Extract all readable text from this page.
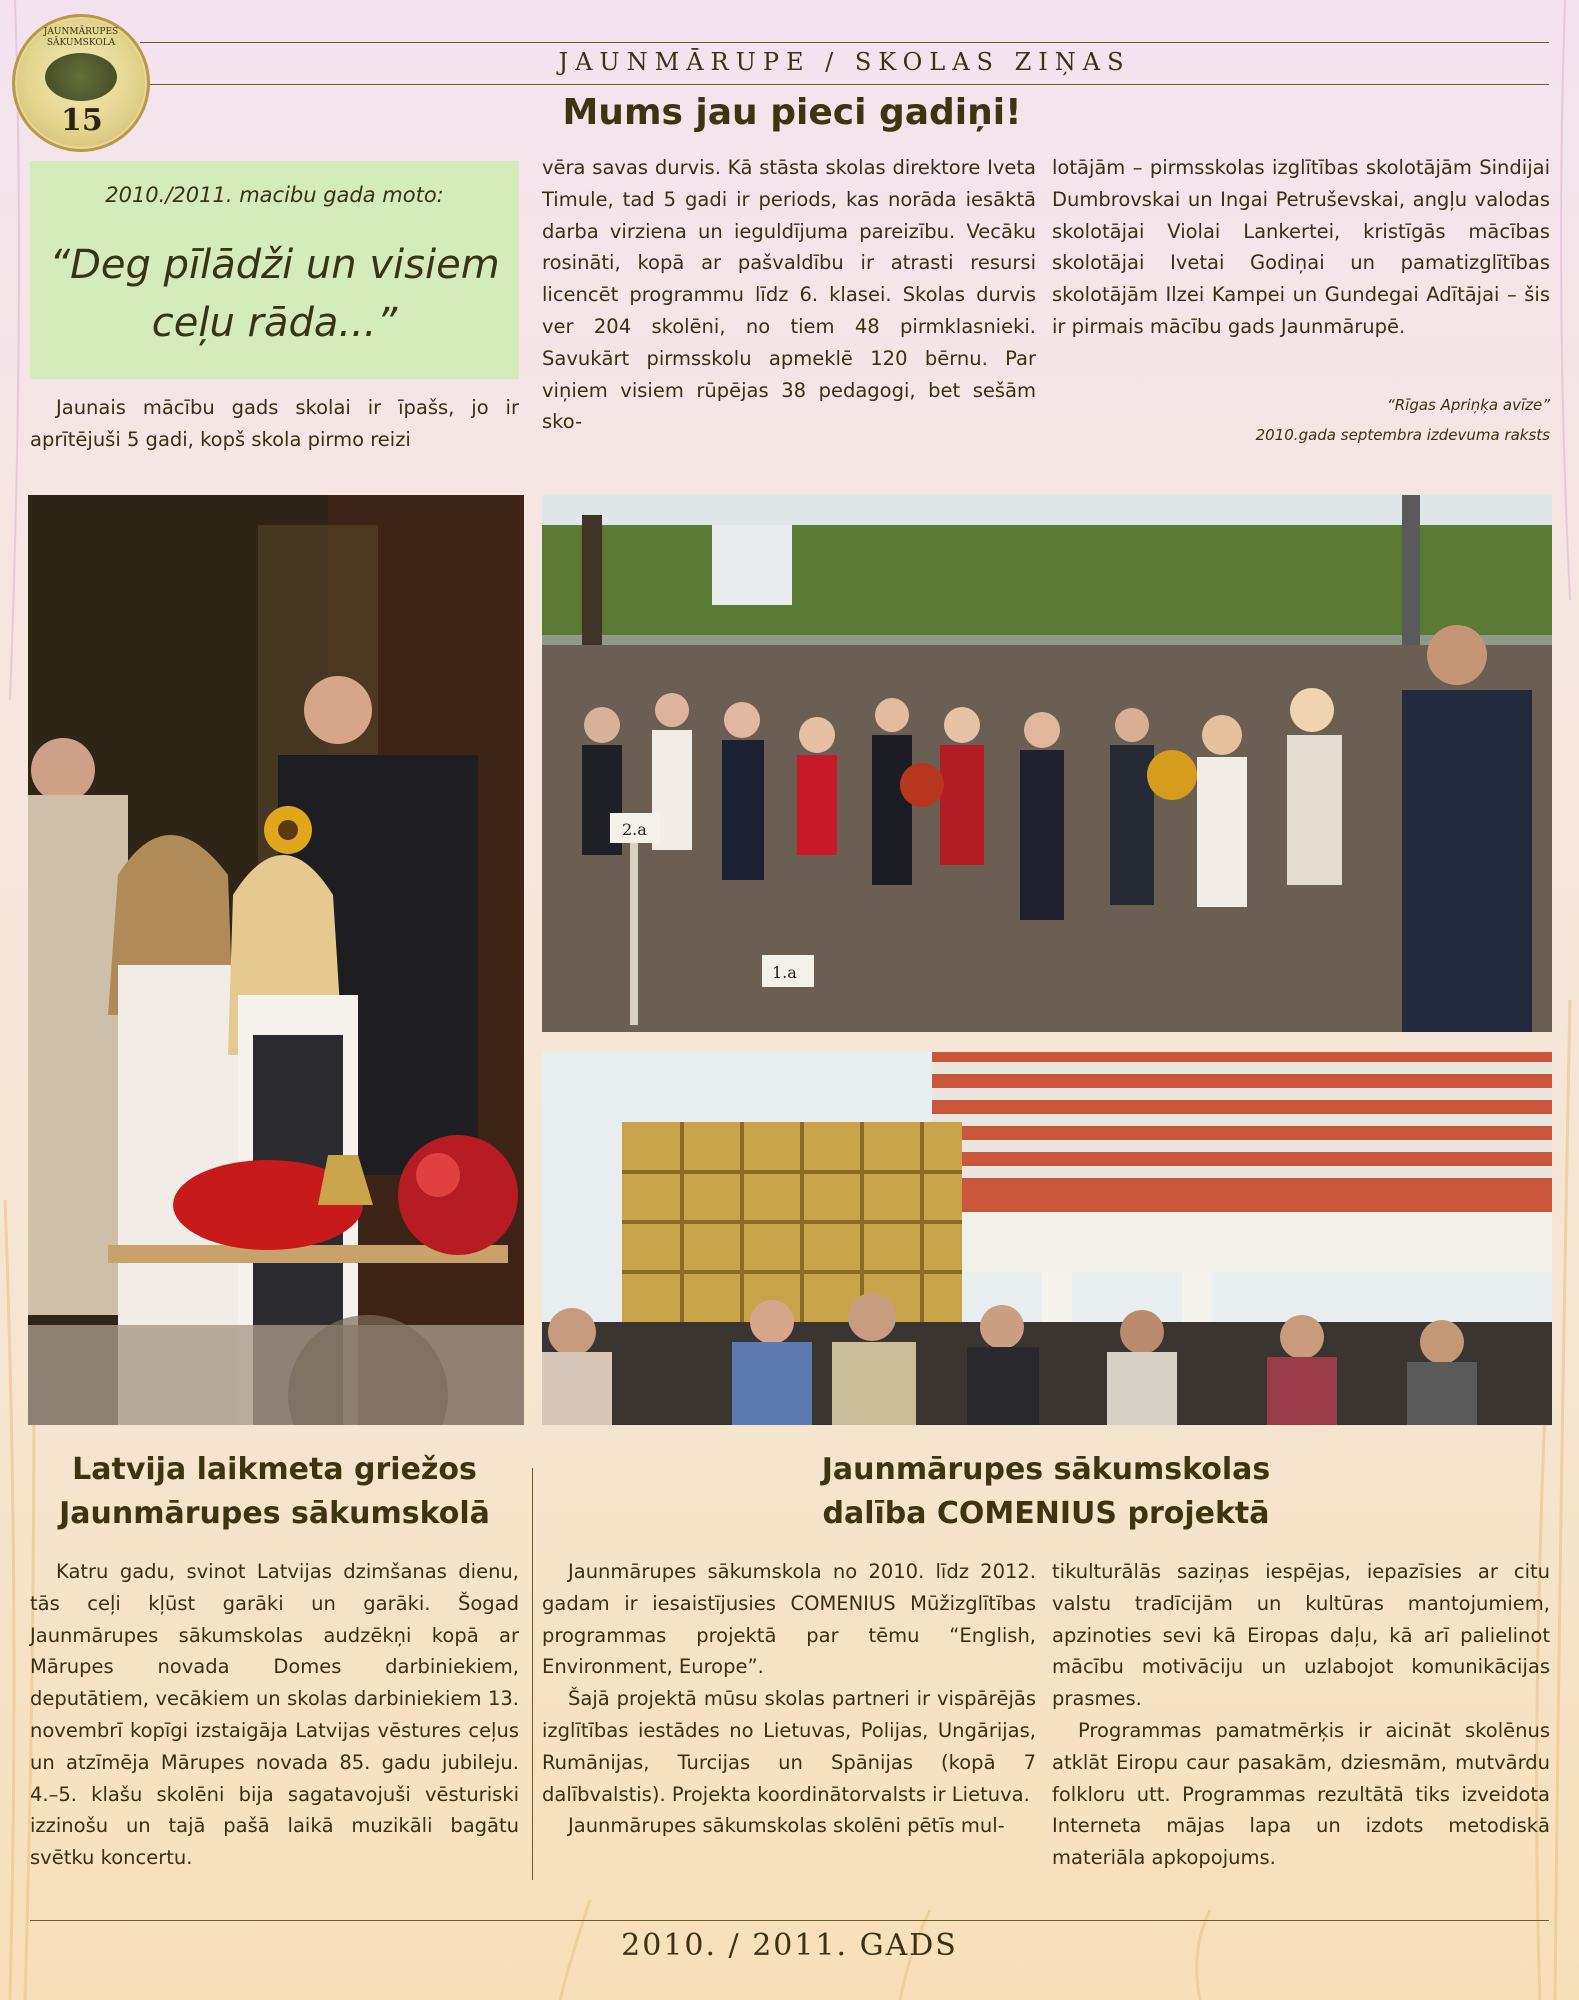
JAUNMĀRUPE / SKOLAS ZIŅAS
JAUNMĀRUPES
SĀKUMSKOLA
15	Mums jau pieci gadiņi!
2010./2011. macibu gada moto:
“Deg pīlādži un visiem
ceļu rāda...”

Jaunais mācību gads skolai ir īpašs, jo ir aprītējuši 5 gadi, kopš skola pirmo reizi

vēra savas durvis. Kā stāsta skolas direktore Iveta Timule, tad 5 gadi ir periods, kas norāda iesāktā darba virziena un ieguldījuma pareizību. Vecāku rosināti, kopā ar pašvaldību ir atrasti resursi licencēt programmu līdz 6. klasei. Skolas durvis ver 204 skolēni, no tiem 48 pirmklasnieki. Savukārt pirmsskolu apmeklē 120 bērnu. Par viņiem visiem rūpējas 38 pedagogi, bet sešām sko-

lotājām – pirmsskolas izglītības skolotājām Sindijai Dumbrovskai un Ingai Petruševskai, angļu valodas skolotājai Violai Lankertei, kristīgās mācības skolotājai Ivetai Godiņai un pamatizglītības skolotājām Ilzei Kampei un Gundegai Adītājai – šis ir pirmais mācību gads Jaunmārupē.

“Rīgas Apriņķa avīze”
2010.gada septembra izdevuma raksts
2.a
1.a
Latvija laikmeta griežos
Jaunmārupes sākumskolā

Katru gadu, svinot Latvijas dzimšanas dienu, tās ceļi kļūst garāki un garāki. Šogad Jaunmārupes sākumskolas audzēkņi kopā ar Mārupes novada Domes darbiniekiem, deputātiem, vecākiem un skolas darbiniekiem 13. novembrī kopīgi izstaigāja Latvijas vēstures ceļus un atzīmēja Mārupes novada 85. gadu jubileju. 4.–5. klašu skolēni bija sagatavojuši vēsturiski izzinošu un tajā pašā laikā muzikāli bagātu svētku koncertu.

Jaunmārupes sākumskolas
dalība COMENIUS projektā

Jaunmārupes sākumskola no 2010. līdz 2012. gadam ir iesaistījusies COMENIUS Mūžizglītības programmas projektā par tēmu “English, Environment, Europe”.

Šajā projektā mūsu skolas partneri ir vispārējās izglītības iestādes no Lietuvas, Polijas, Ungārijas, Rumānijas, Turcijas un Spānijas (kopā 7 dalībvalstis). Projekta koordinātorvalsts ir Lietuva.

Jaunmārupes sākumskolas skolēni pētīs mul-

tikulturālās saziņas iespējas, iepazīsies ar citu valstu tradīcijām un kultūras mantojumiem, apzinoties sevi kā Eiropas daļu, kā arī palielinot mācību motivāciju un uzlabojot komunikācijas prasmes.

Programmas pamatmērķis ir aicināt skolēnus atklāt Eiropu caur pasakām, dziesmām, mutvārdu folkloru utt. Programmas rezultātā tiks izveidota Interneta mājas lapa un izdots metodiskā materiāla apkopojums.

2010. / 2011. GADS
